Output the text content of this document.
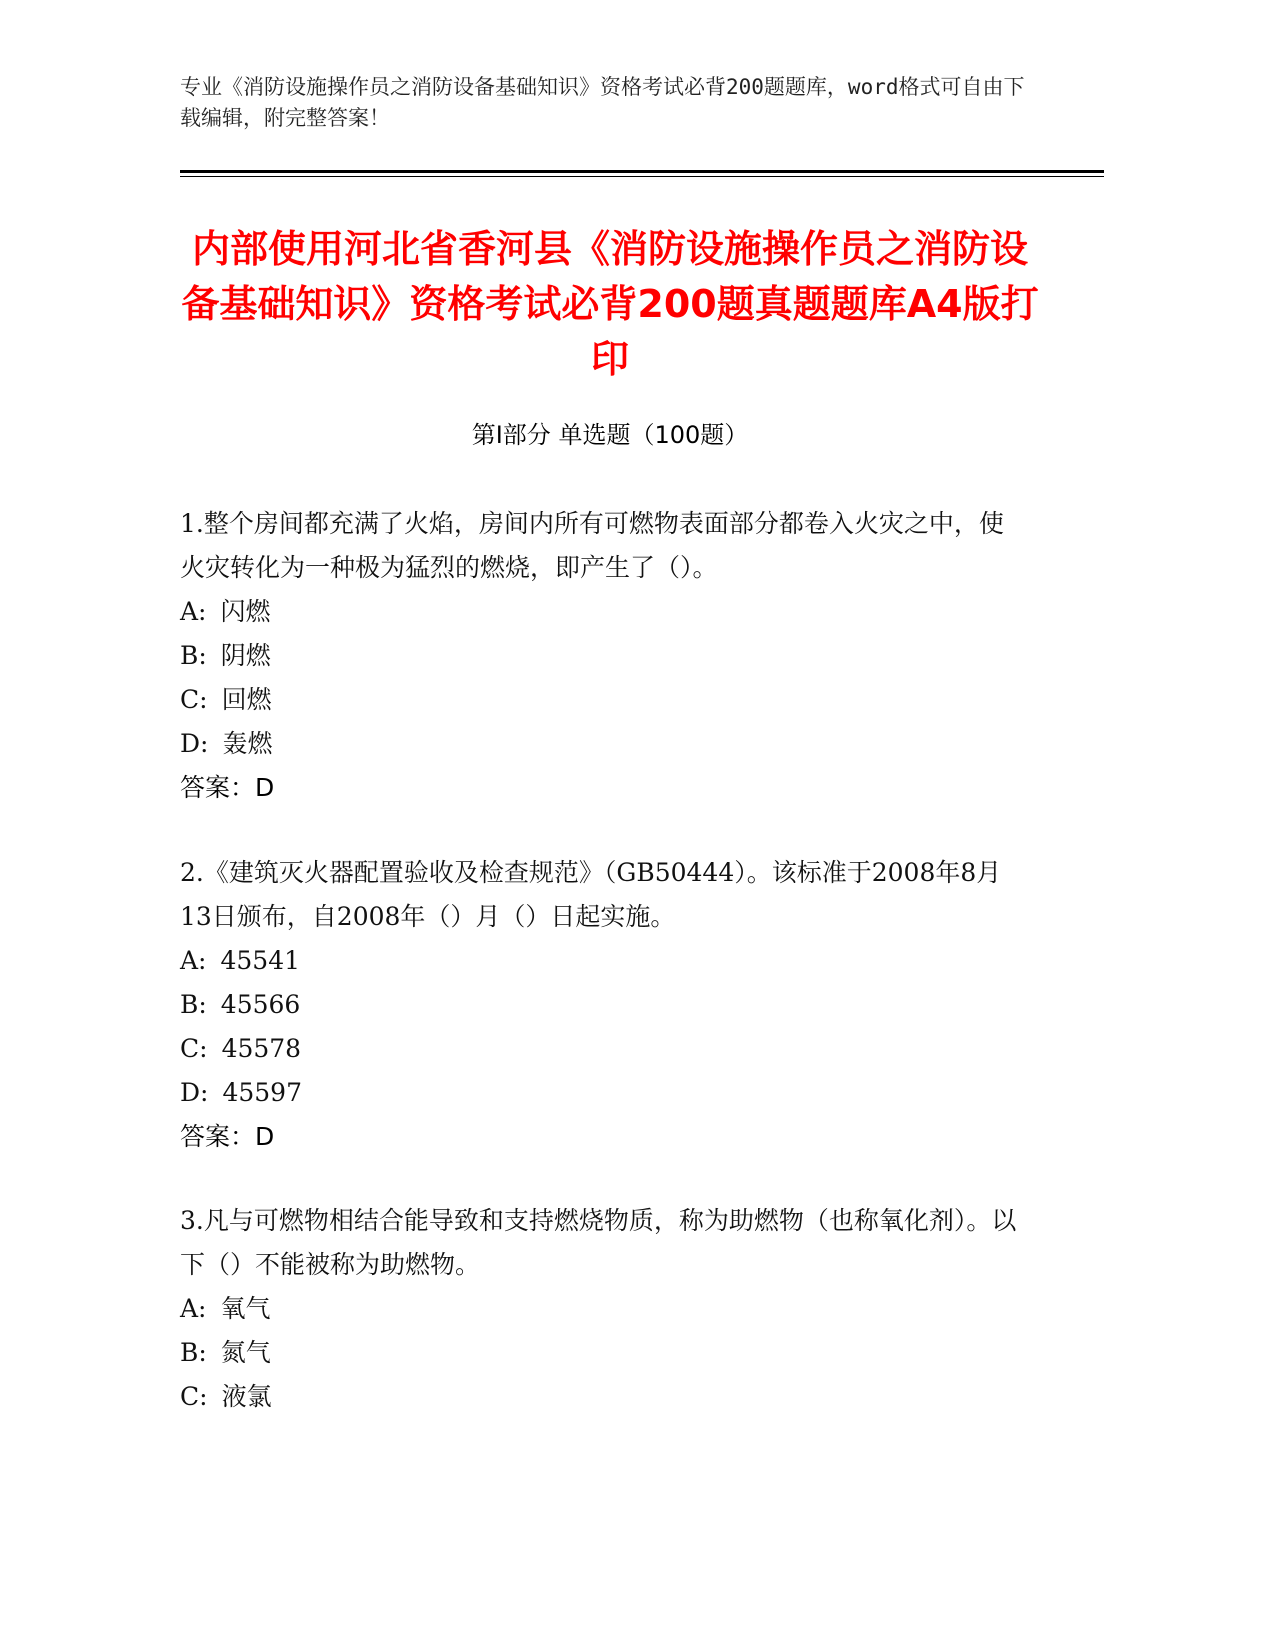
专业《消防设施操作员之消防设备基础知识》资格考试必背200题题库，word格式可自由下载编辑，附完整答案！
内部使用河北省香河县《消防设施操作员之消防设备基础知识》资格考试必背200题真题题库A4版打印
第Ⅰ部分 单选题（100题）

1.整个房间都充满了火焰，房间内所有可燃物表面部分都卷入火灾之中，使火灾转化为一种极为猛烈的燃烧，即产生了（）。

A: 闪燃

B: 阴燃

C: 回燃

D: 轰燃

答案：D

2.《建筑灭火器配置验收及检查规范》（GB50444）。该标准于2008年8月13日颁布，自2008年（）月（）日起实施。

A: 45541

B: 45566

C: 45578

D: 45597

答案：D

3.凡与可燃物相结合能导致和支持燃烧物质，称为助燃物（也称氧化剂）。以下（）不能被称为助燃物。

A: 氧气

B: 氮气

C: 液氯
